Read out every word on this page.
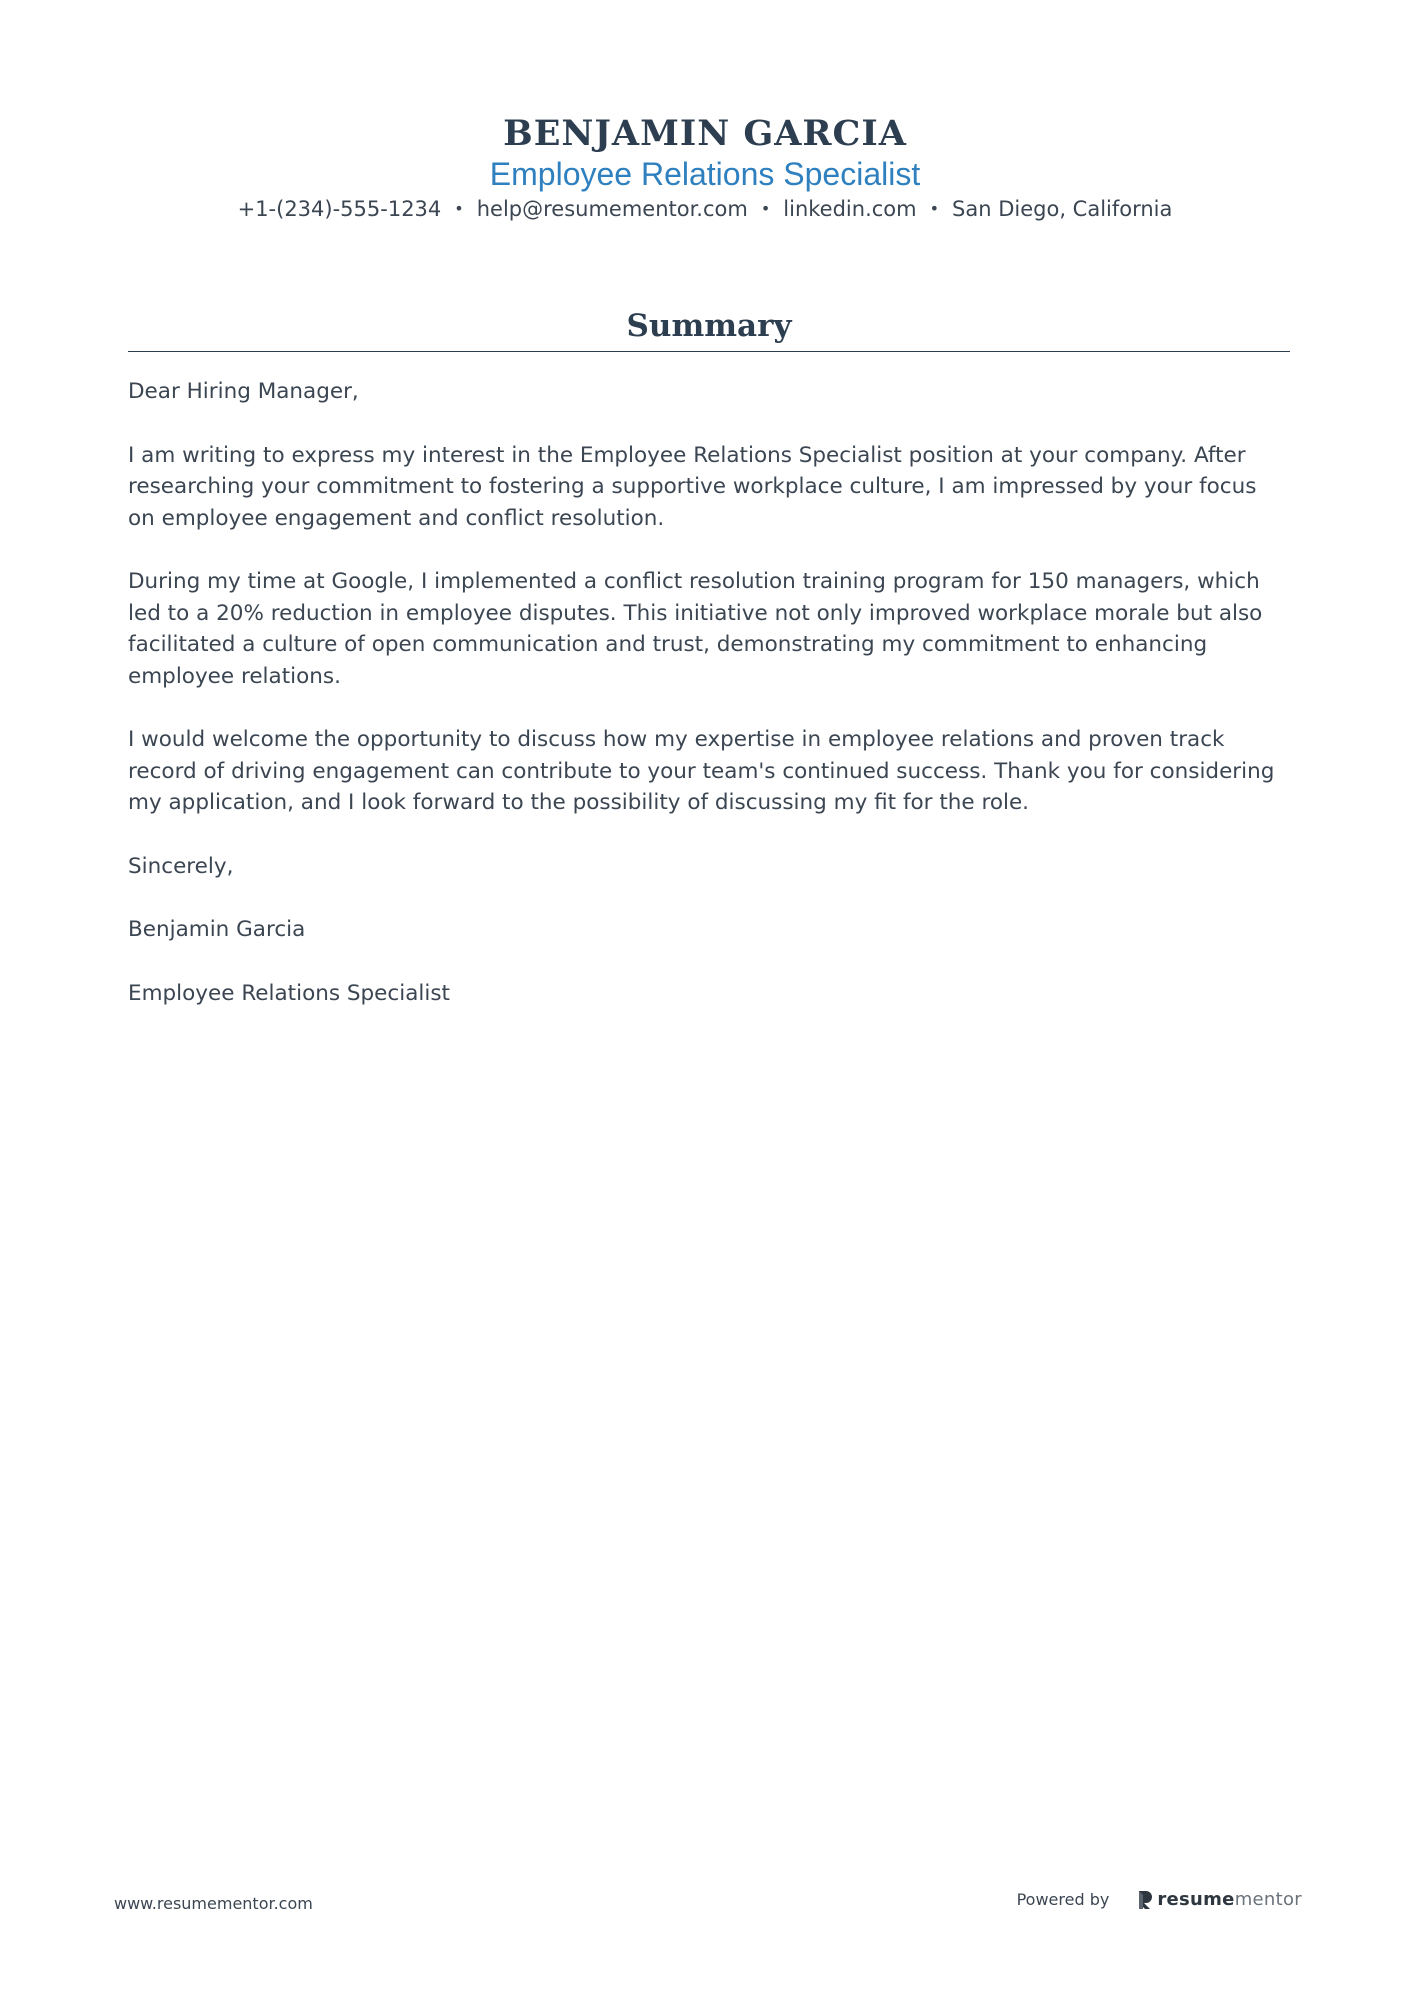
BENJAMIN GARCIA
Employee Relations Specialist
+1-(234)-555-1234 • help@resumementor.com • linkedin.com • San Diego, California
Summary

Dear Hiring Manager,

I am writing to express my interest in the Employee Relations Specialist position at your company. After researching your commitment to fostering a supportive workplace culture, I am impressed by your focus on employee engagement and conflict resolution.

During my time at Google, I implemented a conflict resolution training program for 150 managers, which led to a 20% reduction in employee disputes. This initiative not only improved workplace morale but also facilitated a culture of open communication and trust, demonstrating my commitment to enhancing employee relations.

I would welcome the opportunity to discuss how my expertise in employee relations and proven track record of driving engagement can contribute to your team's continued success. Thank you for considering my application, and I look forward to the possibility of discussing my fit for the role.

Sincerely,

Benjamin Garcia

Employee Relations Specialist

www.resumementor.com	Powered by	resumementor
